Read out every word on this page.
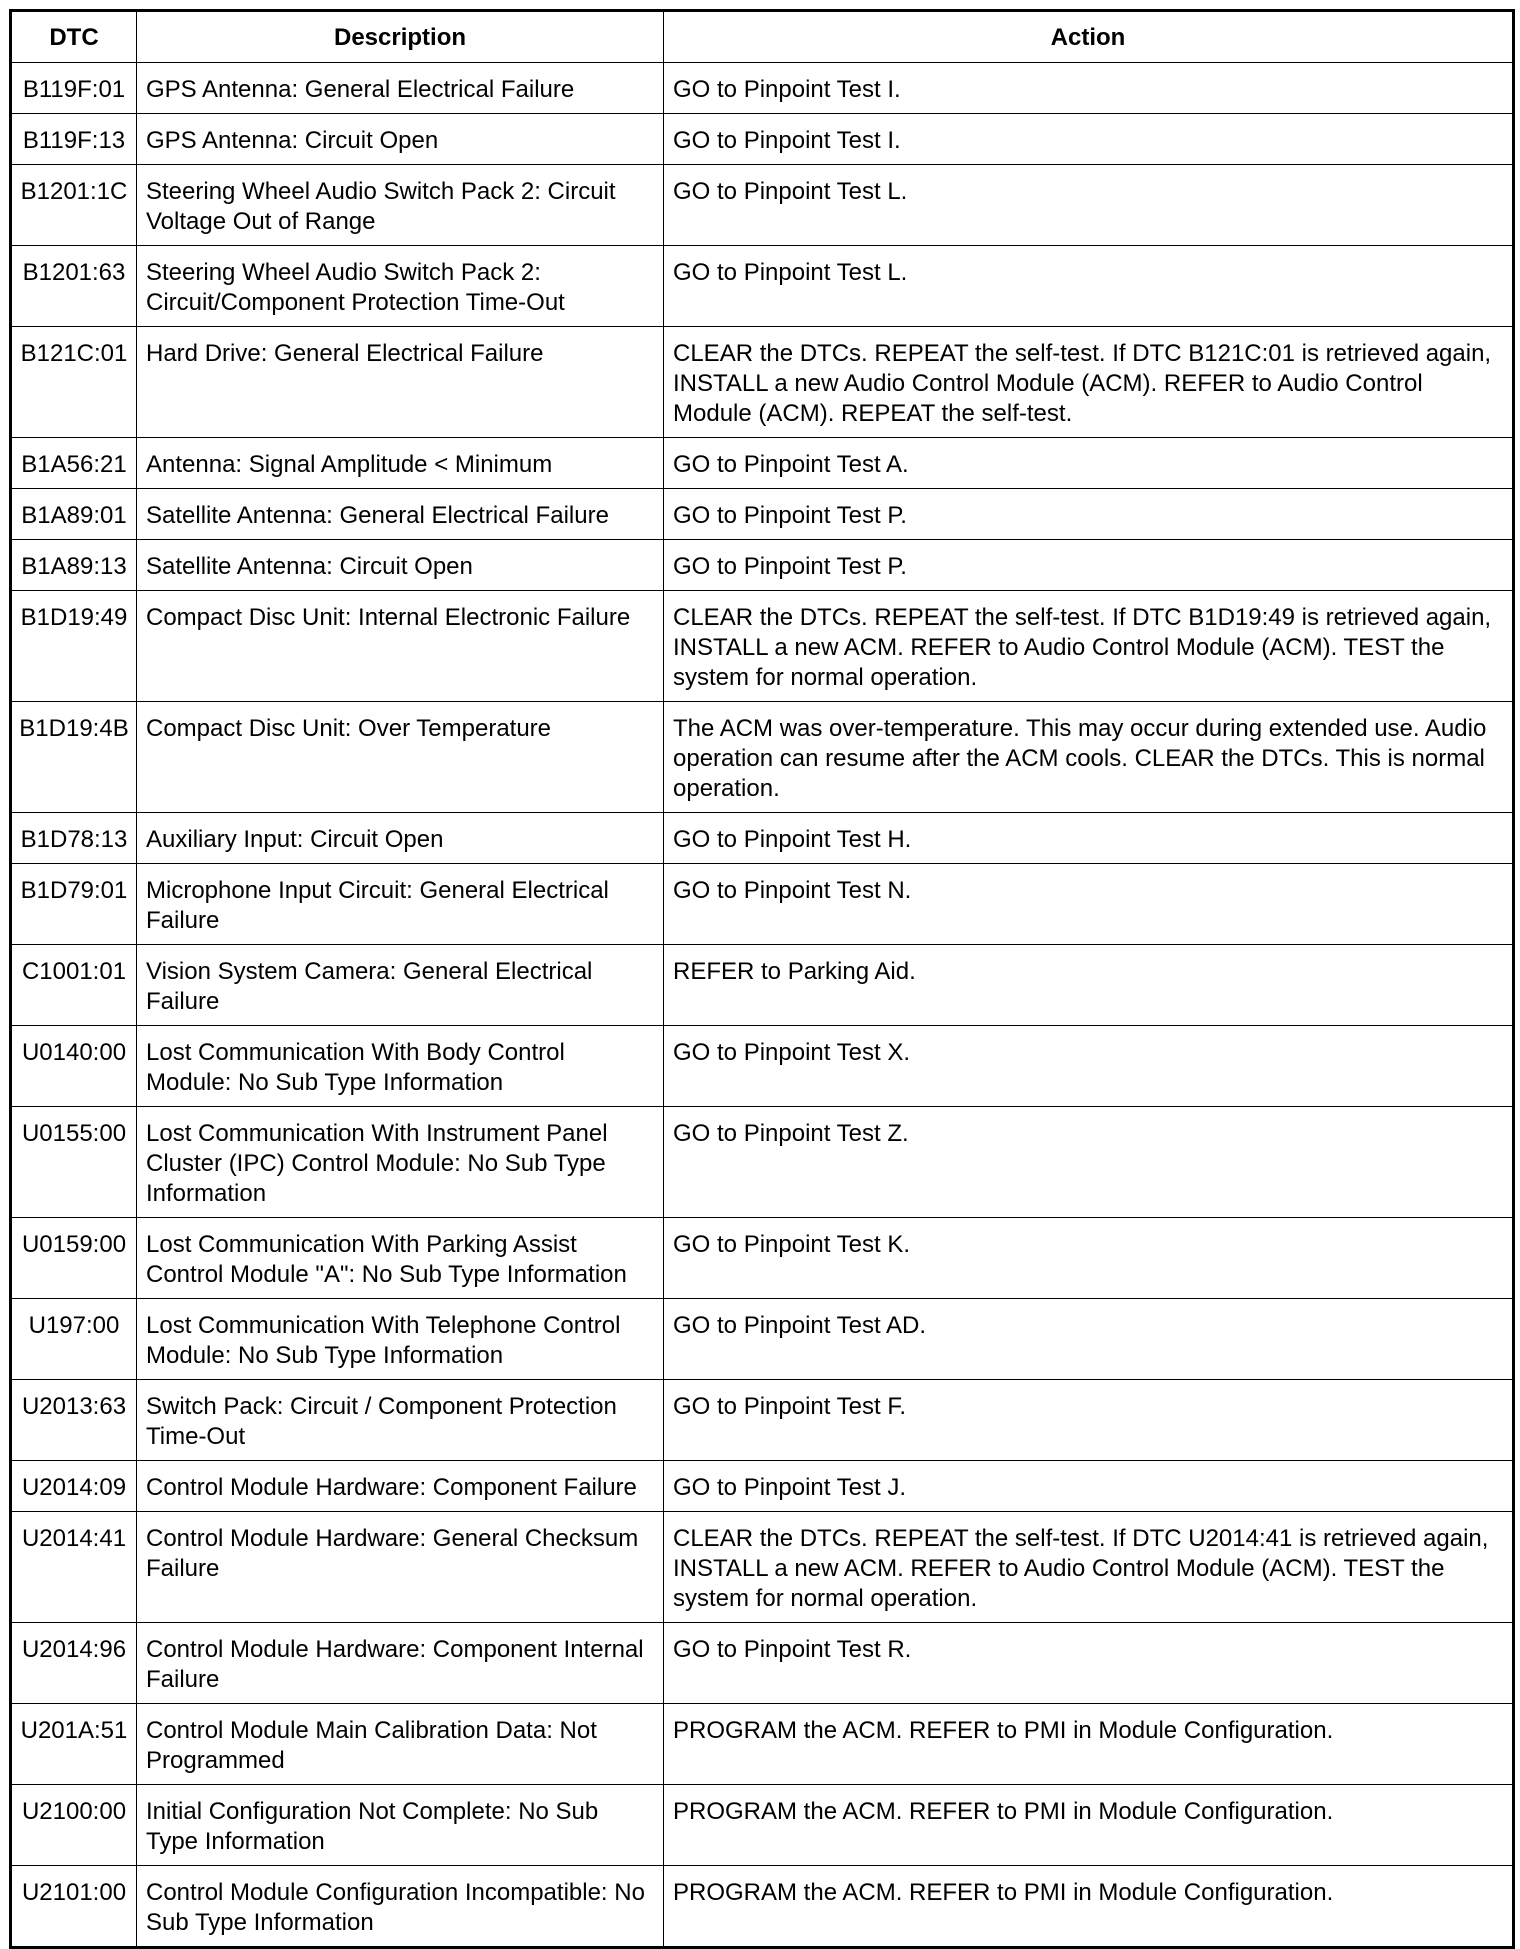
DTC	Description	Action
B119F:01	GPS Antenna: General Electrical Failure	GO to Pinpoint Test I.
B119F:13	GPS Antenna: Circuit Open	GO to Pinpoint Test I.
B1201:1C	Steering Wheel Audio Switch Pack 2: Circuit Voltage Out of Range	GO to Pinpoint Test L.
B1201:63	Steering Wheel Audio Switch Pack 2: Circuit/Component Protection Time-Out	GO to Pinpoint Test L.
B121C:01	Hard Drive: General Electrical Failure	CLEAR the DTCs. REPEAT the self-test. If DTC B121C:01 is retrieved again, INSTALL a new Audio Control Module (ACM). REFER to Audio Control Module (ACM). REPEAT the self-test.
B1A56:21	Antenna: Signal Amplitude < Minimum	GO to Pinpoint Test A.
B1A89:01	Satellite Antenna: General Electrical Failure	GO to Pinpoint Test P.
B1A89:13	Satellite Antenna: Circuit Open	GO to Pinpoint Test P.
B1D19:49	Compact Disc Unit: Internal Electronic Failure	CLEAR the DTCs. REPEAT the self-test. If DTC B1D19:49 is retrieved again, INSTALL a new ACM. REFER to Audio Control Module (ACM). TEST the system for normal operation.
B1D19:4B	Compact Disc Unit: Over Temperature	The ACM was over-temperature. This may occur during extended use. Audio operation can resume after the ACM cools. CLEAR the DTCs. This is normal operation.
B1D78:13	Auxiliary Input: Circuit Open	GO to Pinpoint Test H.
B1D79:01	Microphone Input Circuit: General Electrical Failure	GO to Pinpoint Test N.
C1001:01	Vision System Camera: General Electrical Failure	REFER to Parking Aid.
U0140:00	Lost Communication With Body Control Module: No Sub Type Information	GO to Pinpoint Test X.
U0155:00	Lost Communication With Instrument Panel Cluster (IPC) Control Module: No Sub Type Information	GO to Pinpoint Test Z.
U0159:00	Lost Communication With Parking Assist Control Module "A": No Sub Type Information	GO to Pinpoint Test K.
U197:00	Lost Communication With Telephone Control Module: No Sub Type Information	GO to Pinpoint Test AD.
U2013:63	Switch Pack: Circuit / Component Protection Time-Out	GO to Pinpoint Test F.
U2014:09	Control Module Hardware: Component Failure	GO to Pinpoint Test J.
U2014:41	Control Module Hardware: General Checksum Failure	CLEAR the DTCs. REPEAT the self-test. If DTC U2014:41 is retrieved again, INSTALL a new ACM. REFER to Audio Control Module (ACM). TEST the system for normal operation.
U2014:96	Control Module Hardware: Component Internal Failure	GO to Pinpoint Test R.
U201A:51	Control Module Main Calibration Data: Not Programmed	PROGRAM the ACM. REFER to PMI in Module Configuration.
U2100:00	Initial Configuration Not Complete: No Sub Type Information	PROGRAM the ACM. REFER to PMI in Module Configuration.
U2101:00	Control Module Configuration Incompatible: No Sub Type Information	PROGRAM the ACM. REFER to PMI in Module Configuration.
